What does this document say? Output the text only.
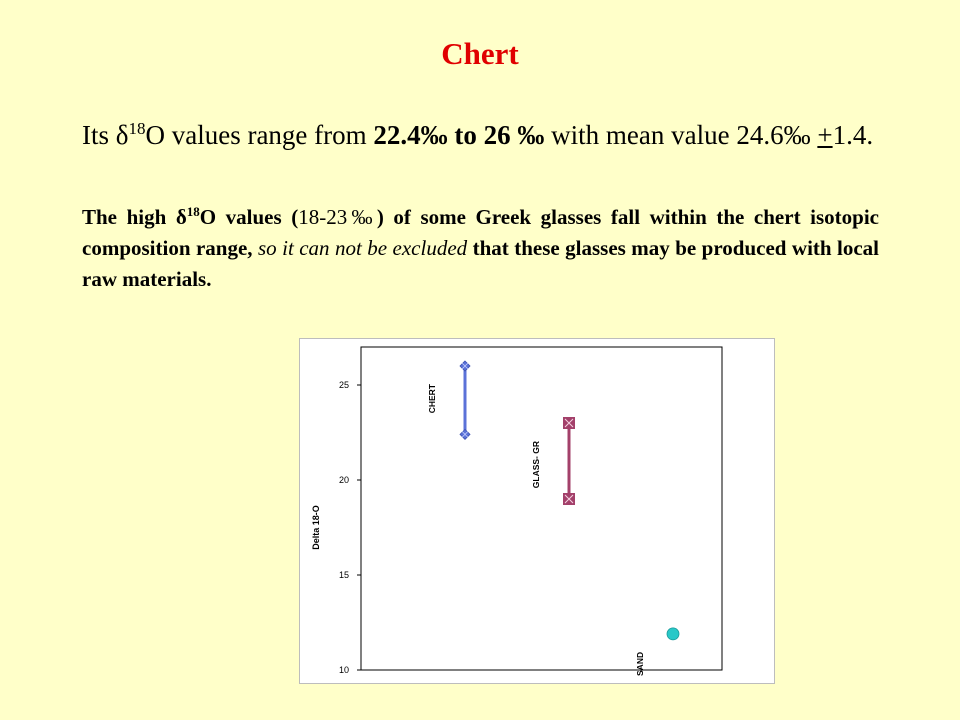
Chert
Its $\delta^{18}O$ values range from 22.4‰ to 26 ‰ with mean value 24.6‰ +1.4.
The high $\delta^{18}O$ values (18-23‰) of some Greek glasses fall within the chert isotopic composition range, so it can not be excluded that these glasses may be produced with local raw materials.
10
15
20
25
Delta 18-O
CHERT
GLASS- GR
SAND
